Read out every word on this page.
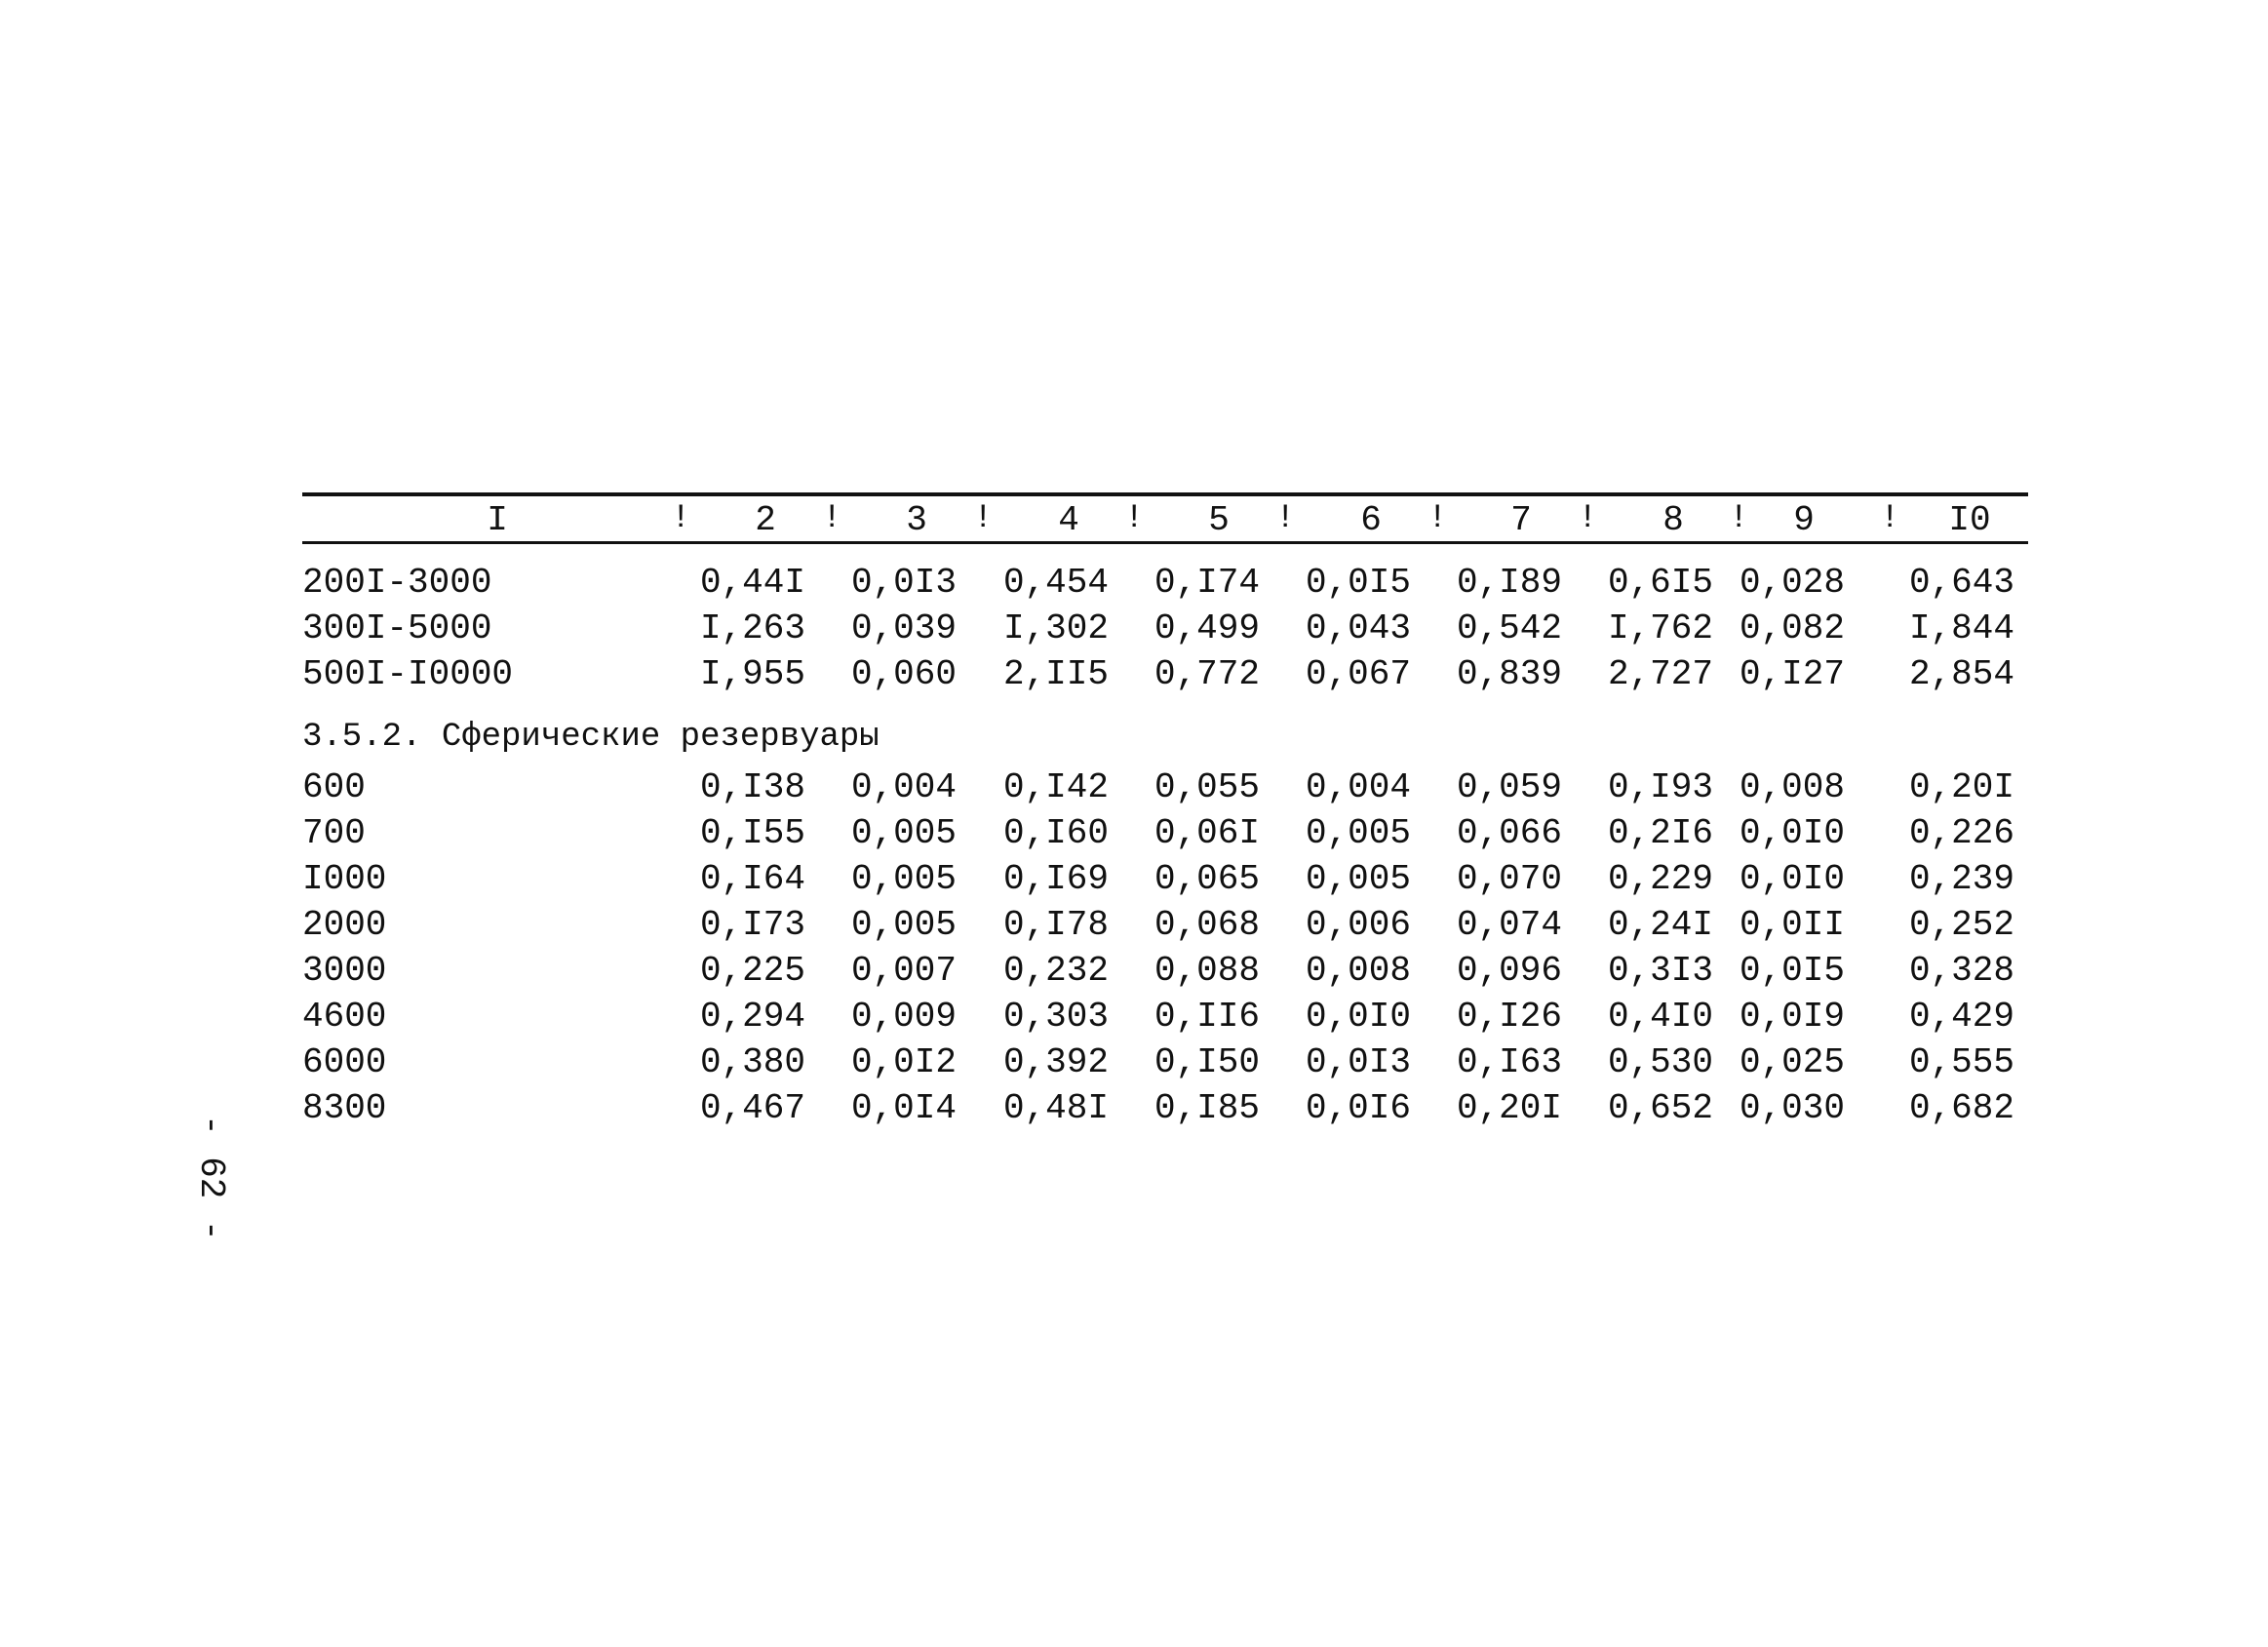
- 62 -
I	!	2	!	3	!	4	!	5	!	6	!	7	!	8	!	9	!	I0
200I-3000	0,44I 0,0I3 0,454 0,I74 0,0I5 0,I89 0,6I5 0,028 0,643
300I-5000	I,263 0,039 I,302 0,499 0,043 0,542 I,762 0,082 I,844
500I-I0000	I,955 0,060 2,II5 0,772 0,067 0,839 2,727 0,I27 2,854
3.5.2. Сферические резервуары
600	0,I38 0,004 0,I42 0,055 0,004 0,059 0,I93 0,008 0,20I
700	0,I55 0,005 0,I60 0,06I 0,005 0,066 0,2I6 0,0I0 0,226
I000	0,I64 0,005 0,I69 0,065 0,005 0,070 0,229 0,0I0 0,239
2000	0,I73 0,005 0,I78 0,068 0,006 0,074 0,24I 0,0II 0,252
3000	0,225 0,007 0,232 0,088 0,008 0,096 0,3I3 0,0I5 0,328
4600	0,294 0,009 0,303 0,II6 0,0I0 0,I26 0,4I0 0,0I9 0,429
6000	0,380 0,0I2 0,392 0,I50 0,0I3 0,I63 0,530 0,025 0,555
8300	0,467 0,0I4 0,48I 0,I85 0,0I6 0,20I 0,652 0,030 0,682
